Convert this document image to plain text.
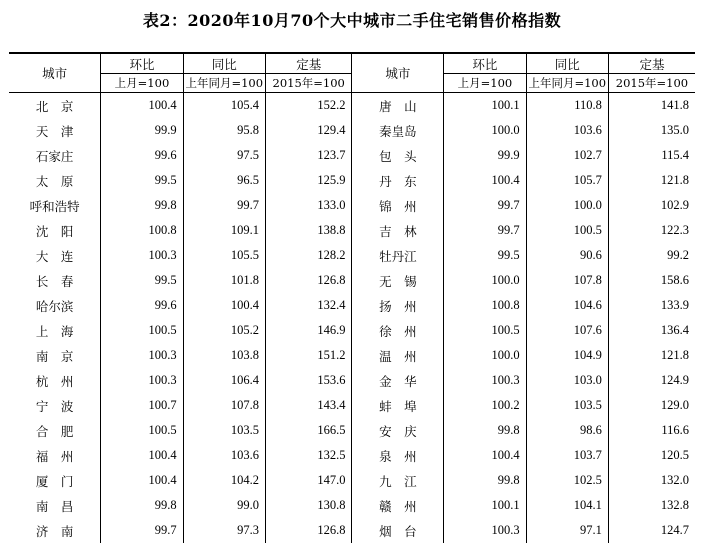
表2：2020年10月70个大中城市二手住宅销售价格指数
城市	环比	同比	定基	城市	环比	同比	定基
	上月=100	上年同月=100	2015年=100		上月=100	上年同月=100	2015年=100
北　京	100.4	105.4	152.2	唐　山	100.1	110.8	141.8
天　津	99.9	95.8	129.4	秦皇岛	100.0	103.6	135.0
石家庄	99.6	97.5	123.7	包　头	99.9	102.7	115.4
太　原	99.5	96.5	125.9	丹　东	100.4	105.7	121.8
呼和浩特	99.8	99.7	133.0	锦　州	99.7	100.0	102.9
沈　阳	100.8	109.1	138.8	吉　林	99.7	100.5	122.3
大　连	100.3	105.5	128.2	牡丹江	99.5	90.6	99.2
长　春	99.5	101.8	126.8	无　锡	100.0	107.8	158.6
哈尔滨	99.6	100.4	132.4	扬　州	100.8	104.6	133.9
上　海	100.5	105.2	146.9	徐　州	100.5	107.6	136.4
南　京	100.3	103.8	151.2	温　州	100.0	104.9	121.8
杭　州	100.3	106.4	153.6	金　华	100.3	103.0	124.9
宁　波	100.7	107.8	143.4	蚌　埠	100.2	103.5	129.0
合　肥	100.5	103.5	166.5	安　庆	99.8	98.6	116.6
福　州	100.4	103.6	132.5	泉　州	100.4	103.7	120.5
厦　门	100.4	104.2	147.0	九　江	99.8	102.5	132.0
南　昌	99.8	99.0	130.8	赣　州	100.1	104.1	132.8
济　南	99.7	97.3	126.8	烟　台	100.3	97.1	124.7
